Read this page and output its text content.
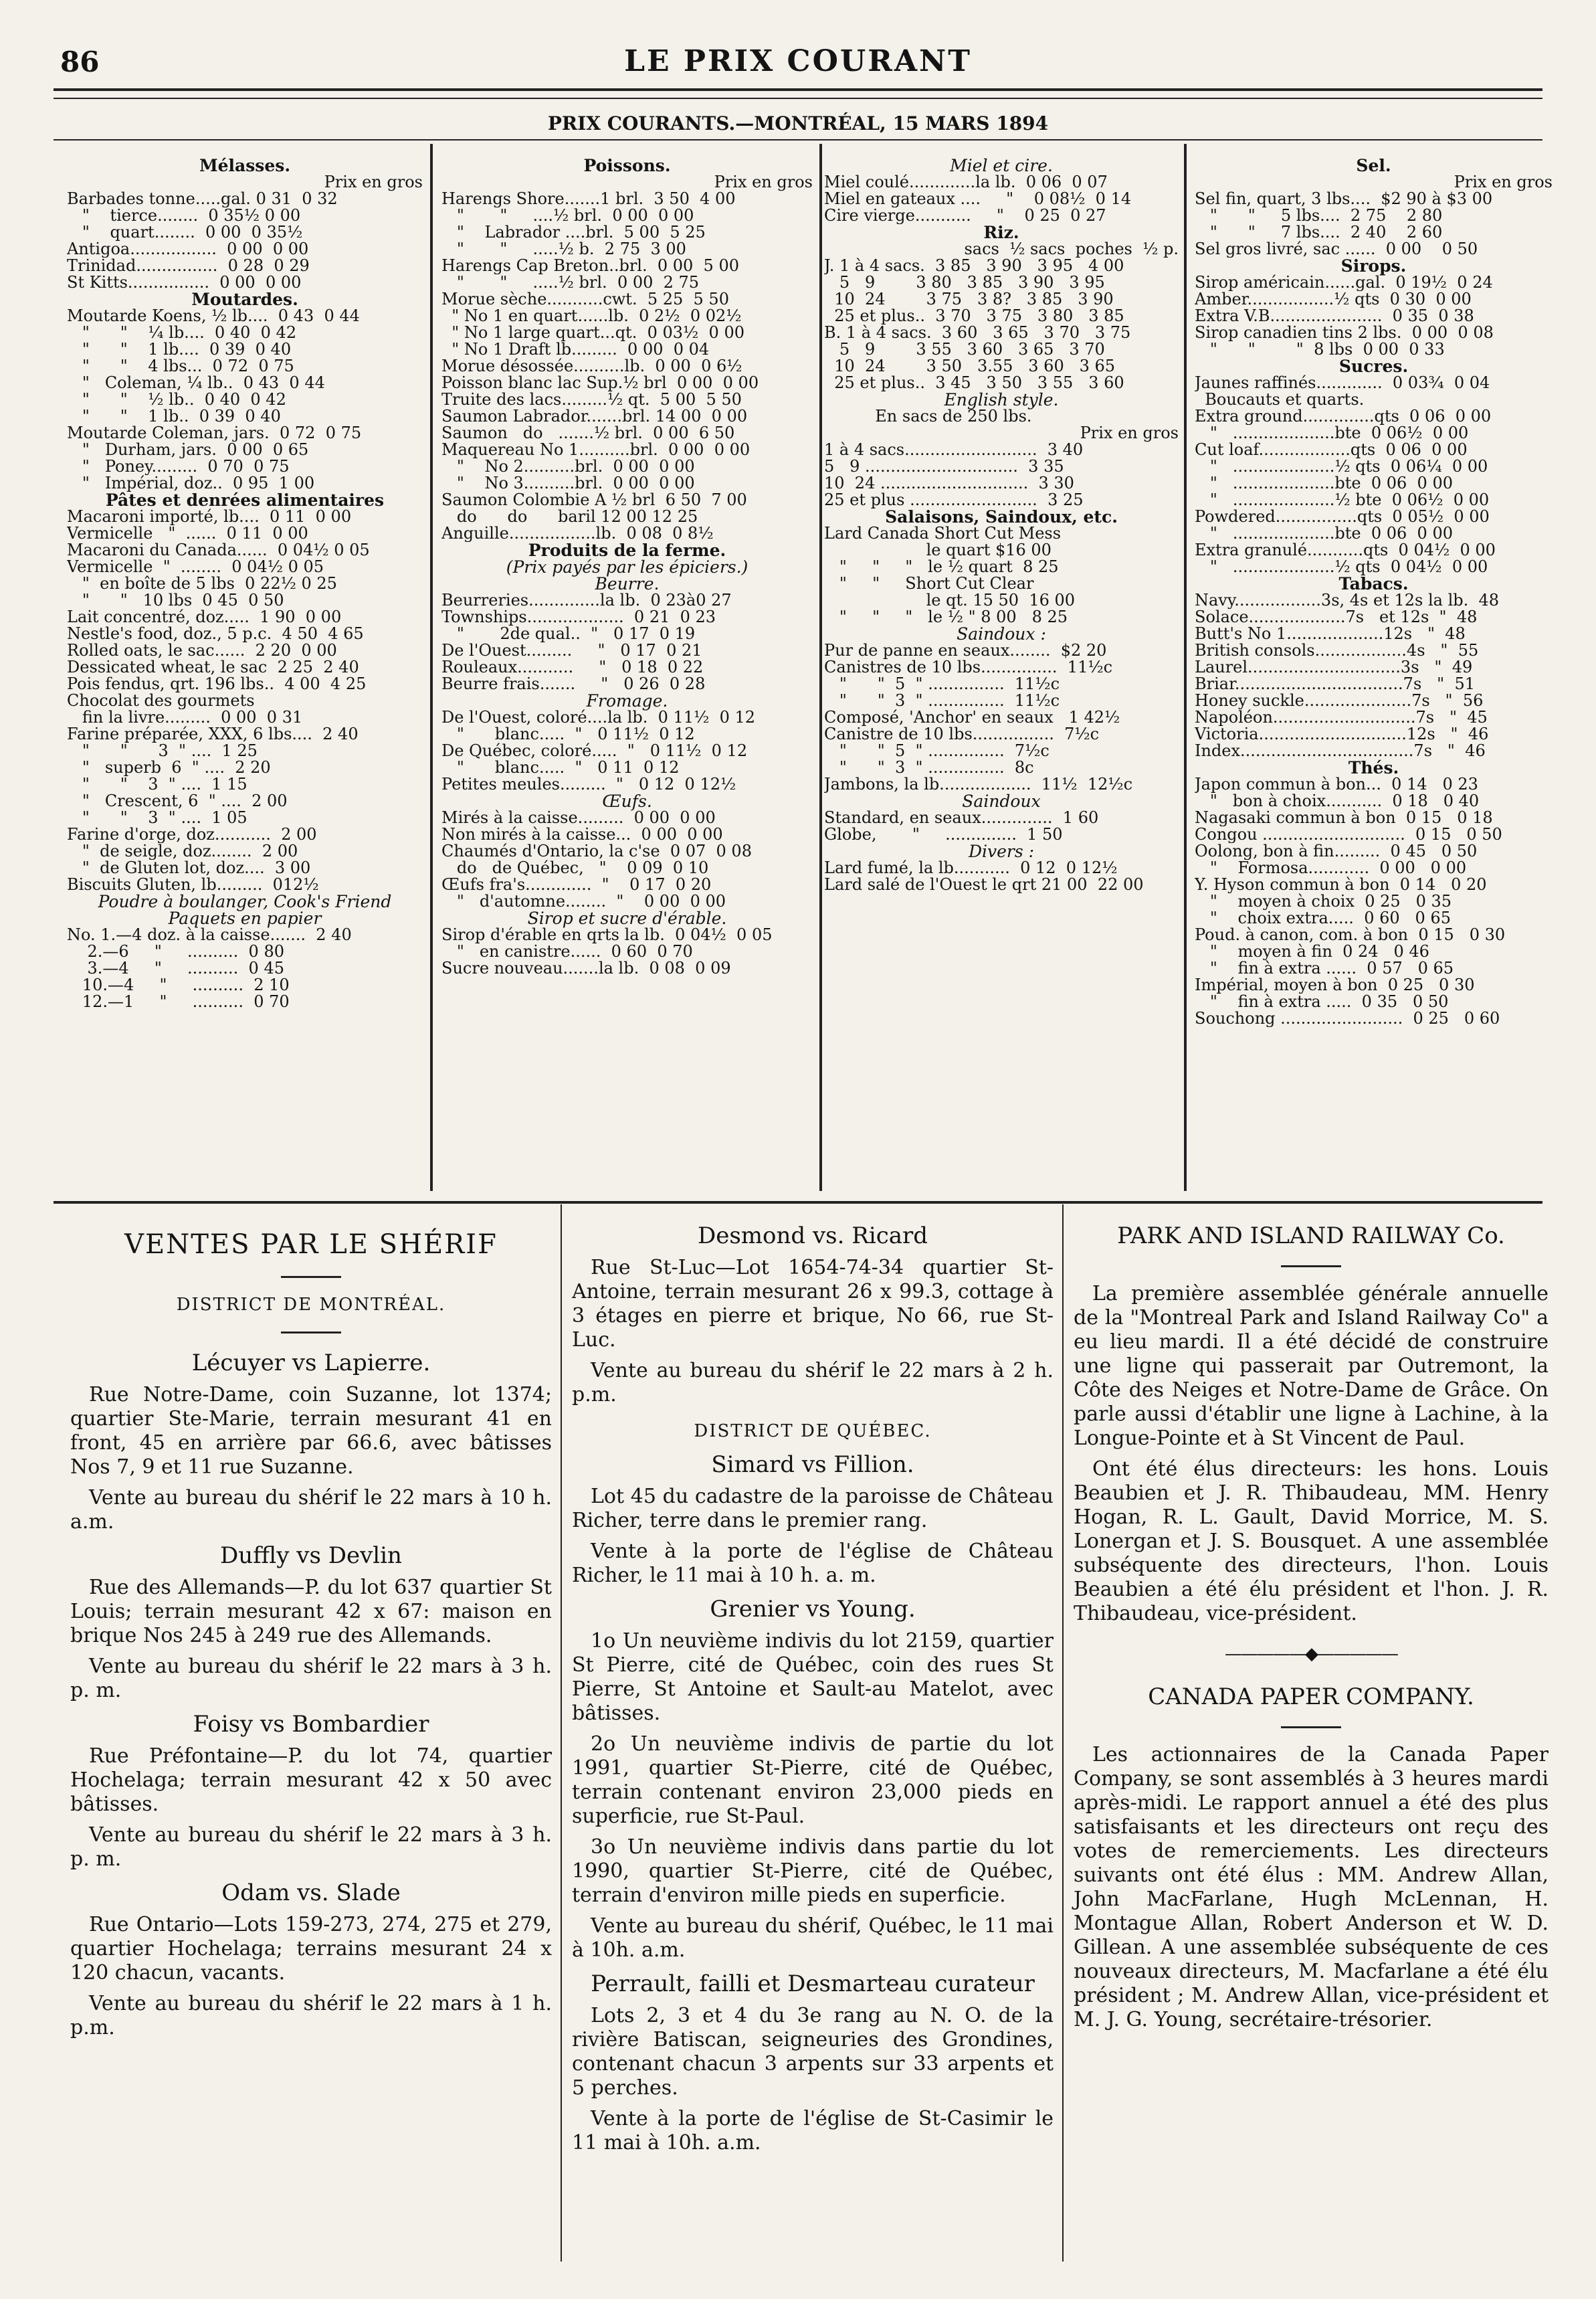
86	LE PRIX COURANT
PRIX COURANTS.—MONTRÉAL, 15 MARS 1894
Mélasses.
Prix en gros
Barbades tonne.....gal. 0 31  0 32
"    tierce........  0 35½ 0 00
"    quart........  0 00  0 35½
Antigoa.................  0 00  0 00
Trinidad................  0 28  0 29
St Kitts................  0 00  0 00
Moutardes.
Moutarde Koens, ½ lb....  0 43  0 44
"      "    ¼ lb....  0 40  0 42
"      "    1 lb....  0 39  0 40
"      "    4 lbs...  0 72  0 75
"   Coleman, ¼ lb..  0 43  0 44
"      "    ½ lb..  0 40  0 42
"      "    1 lb..  0 39  0 40
Moutarde Coleman, jars.  0 72  0 75
"   Durham, jars.  0 00  0 65
"   Poney.........  0 70  0 75
"   Impérial, doz..  0 95  1 00
Pâtes et denrées alimentaires
Macaroni importé, lb....  0 11  0 00
Vermicelle   "  ......  0 11  0 00
Macaroni du Canada......  0 04½ 0 05
Vermicelle  "  ........  0 04½ 0 05
"  en boîte de 5 lbs  0 22½ 0 25
"      "   10 lbs  0 45  0 50
Lait concentré, doz.....  1 90  0 00
Nestle's food, doz., 5 p.c.  4 50  4 65
Rolled oats, le sac......  2 20  0 00
Dessicated wheat, le sac  2 25  2 40
Pois fendus, qrt. 196 lbs..  4 00  4 25
Chocolat des gourmets
fin la livre.........  0 00  0 31
Farine préparée, XXX, 6 lbs....  2 40
"      "      3  " ....  1 25
"   superb  6  " ....  2 20
"      "    3  " ....  1 15
"   Crescent, 6  " ....  2 00
"      "    3  " ....  1 05
Farine d'orge, doz...........  2 00
"  de seigle, doz........  2 00
"  de Gluten lot, doz....  3 00
Biscuits Gluten, lb.........  012½
Poudre à boulanger, Cook's Friend
Paquets en papier
No. 1.—4 doz. à la caisse.......  2 40
2.—6     "     ..........  0 80
3.—4     "     ..........  0 45
10.—4     "     ..........  2 10
12.—1     "     ..........  0 70
Poissons.
Prix en gros
Harengs Shore.......1 brl.  3 50  4 00
"       "     ....½ brl.  0 00  0 00
"    Labrador ....brl.  5 00  5 25
"       "     .....½ b.  2 75  3 00
Harengs Cap Breton..brl.  0 00  5 00
"       "     .....½ brl.  0 00  2 75
Morue sèche...........cwt.  5 25  5 50
" No 1 en quart......lb.  0 2½  0 02½
" No 1 large quart...qt.  0 03½  0 00
" No 1 Draft lb.........  0 00  0 04
Morue désossée..........lb.  0 00  0 6½
Poisson blanc lac Sup.½ brl  0 00  0 00
Truite des lacs.........½ qt.  5 00  5 50
Saumon Labrador.......brl. 14 00  0 00
Saumon   do   .......½ brl.  0 00  6 50
Maquereau No 1..........brl.  0 00  0 00
"    No 2..........brl.  0 00  0 00
"    No 3..........brl.  0 00  0 00
Saumon Colombie A ½ brl  6 50  7 00
do      do      baril 12 00 12 25
Anguille.................lb.  0 08  0 8½
Produits de la ferme.
(Prix payés par les épiciers.)
Beurre.
Beurreries..............la lb.  0 23à0 27
Townships...................  0 21  0 23
"       2de qual..  "   0 17  0 19
De l'Ouest.........     "   0 17  0 21
Rouleaux...........     "   0 18  0 22
Beurre frais.......     "   0 26  0 28
Fromage.
De l'Ouest, coloré....la lb.  0 11½  0 12
"      blanc.....  "   0 11½  0 12
De Québec, coloré.....  "   0 11½  0 12
"      blanc.....  "   0 11  0 12
Petites meules.........  "   0 12  0 12½
Œufs.
Mirés à la caisse.........  0 00  0 00
Non mirés à la caisse...  0 00  0 00
Chaumés d'Ontario, la c'se  0 07  0 08
do   de Québec,   "    0 09  0 10
Œufs fra's.............  "    0 17  0 20
"   d'automne........  "    0 00  0 00
Sirop et sucre d'érable.
Sirop d'érable en qrts la lb.  0 04½  0 05
"   en canistre......  0 60  0 70
Sucre nouveau.......la lb.  0 08  0 09
Miel et cire.
Miel coulé.............la lb.  0 06  0 07
Miel en gateaux ....     "    0 08½  0 14
Cire vierge...........     "    0 25  0 27
Riz.
sacs  ½ sacs  poches  ½ p.
J. 1 à 4 sacs.  3 85   3 90   3 95   4 00
5   9        3 80   3 85   3 90   3 95
10  24        3 75   3 8?   3 85   3 90
25 et plus..  3 70   3 75   3 80   3 85
B. 1 à 4 sacs.  3 60   3 65   3 70   3 75
5   9        3 55   3 60   3 65   3 70
10  24        3 50   3.55   3 60   3 65
25 et plus..  3 45   3 50   3 55   3 60
English style.
En sacs de 250 lbs.
Prix en gros
1 à 4 sacs..........................  3 40
5   9 ..............................  3 35
10  24 .............................  3 30
25 et plus .........................  3 25
Salaisons, Saindoux, etc.
Lard Canada Short Cut Mess
le quart $16 00
"     "     "   le ½ quart  8 25
"     "     Short Cut Clear
le qt. 15 50  16 00
"     "     "   le ½ " 8 00   8 25
Saindoux :
Pur de panne en seaux........  $2 20
Canistres de 10 lbs...............  11½c
"      "  5  " ...............  11½c
"      "  3  " ...............  11½c
Composé, 'Anchor' en seaux   1 42½
Canistre de 10 lbs................  7½c
"      "  5  " ...............  7½c
"      "  3  " ...............  8c
Jambons, la lb..................  11½  12½c
Saindoux
Standard, en seaux..............  1 60
Globe,       "     ..............  1 50
Divers :
Lard fumé, la lb...........  0 12  0 12½
Lard salé de l'Ouest le qrt 21 00  22 00
Sel.
Prix en gros
Sel fin, quart, 3 lbs....  $2 90 à $3 00
"      "     5 lbs....  2 75    2 80
"      "     7 lbs....  2 40    2 60
Sel gros livré, sac ......  0 00    0 50
Sirops.
Sirop américain......gal.  0 19½  0 24
Amber.................½ qts  0 30  0 00
Extra V.B......................  0 35  0 38
Sirop canadien tins 2 lbs.  0 00  0 08
"      "        "  8 lbs  0 00  0 33
Sucres.
Jaunes raffinés.............  0 03¾  0 04
Boucauts et quarts.
Extra ground..............qts  0 06  0 00
"   ....................bte  0 06½  0 00
Cut loaf..................qts  0 06  0 00
"   ....................½ qts  0 06¼  0 00
"   ....................bte  0 06  0 00
"   ....................½ bte  0 06½  0 00
Powdered................qts  0 05½  0 00
"   ....................bte  0 06  0 00
Extra granulé...........qts  0 04½  0 00
"   ....................½ qts  0 04½  0 00
Tabacs.
Navy.................3s, 4s et 12s la lb.  48
Solace...................7s   et 12s  "  48
Butt's No 1...................12s   "  48
British consols..................4s   "  55
Laurel..............................3s   "  49
Briar.................................7s   "  51
Honey suckle.....................7s   "  56
Napoléon............................7s   "  45
Victoria.............................12s   "  46
Index..................................7s   "  46
Thés.
Japon commun à bon...  0 14   0 23
"   bon à choix...........  0 18   0 40
Nagasaki commun à bon  0 15   0 18
Congou ............................  0 15   0 50
Oolong, bon à fin.........  0 45   0 50
"    Formosa............  0 00   0 00
Y. Hyson commun à bon  0 14   0 20
"    moyen à choix  0 25   0 35
"    choix extra.....  0 60   0 65
Poud. à canon, com. à bon  0 15   0 30
"    moyen à fin  0 24   0 46
"    fin à extra ......  0 57   0 65
Impérial, moyen à bon  0 25   0 30
"    fin à extra .....  0 35   0 50
Souchong ........................  0 25   0 60
VENTES PAR LE SHÉRIF
DISTRICT DE MONTRÉAL.
Lécuyer vs Lapierre.

Rue Notre-Dame, coin Suzanne, lot 1374; quartier Ste-Marie, terrain mesurant 41 en front, 45 en arrière par 66.6, avec bâtisses Nos 7, 9 et 11 rue Suzanne.

Vente au bureau du shérif le 22 mars à 10 h. a.m.

Duffly vs Devlin

Rue des Allemands—P. du lot 637 quartier St Louis; terrain mesurant 42 x 67: maison en brique Nos 245 à 249 rue des Allemands.

Vente au bureau du shérif le 22 mars à 3 h. p. m.

Foisy vs Bombardier

Rue Préfontaine—P. du lot 74, quartier Hochelaga; terrain mesurant 42 x 50 avec bâtisses.

Vente au bureau du shérif le 22 mars à 3 h. p. m.

Odam vs. Slade

Rue Ontario—Lots 159-273, 274, 275 et 279, quartier Hochelaga; terrains mesurant 24 x 120 chacun, vacants.

Vente au bureau du shérif le 22 mars à 1 h. p.m.

Desmond vs. Ricard

Rue St-Luc—Lot 1654-74-34 quartier St-Antoine, terrain mesurant 26 x 99.3, cottage à 3 étages en pierre et brique, No 66, rue St-Luc.

Vente au bureau du shérif le 22 mars à 2 h. p.m.

DISTRICT DE QUÉBEC.
Simard vs Fillion.

Lot 45 du cadastre de la paroisse de Château Richer, terre dans le premier rang.

Vente à la porte de l'église de Château Richer, le 11 mai à 10 h. a. m.

Grenier vs Young.

1o Un neuvième indivis du lot 2159, quartier St Pierre, cité de Québec, coin des rues St Pierre, St Antoine et Sault-au Matelot, avec bâtisses.

2o Un neuvième indivis de partie du lot 1991, quartier St-Pierre, cité de Québec, terrain contenant environ 23,000 pieds en superficie, rue St-Paul.

3o Un neuvième indivis dans partie du lot 1990, quartier St-Pierre, cité de Québec, terrain d'environ mille pieds en superficie.

Vente au bureau du shérif, Québec, le 11 mai à 10h. a.m.

Perrault, failli et Desmarteau curateur

Lots 2, 3 et 4 du 3e rang au N. O. de la rivière Batiscan, seigneuries des Grondines, contenant chacun 3 arpents sur 33 arpents et 5 perches.

Vente à la porte de l'église de St-Casimir le 11 mai à 10h. a.m.

PARK AND ISLAND RAILWAY Co.

La première assemblée générale annuelle de la "Montreal Park and Island Railway Co" a eu lieu mardi. Il a été décidé de construire une ligne qui passerait par Outremont, la Côte des Neiges et Notre-Dame de Grâce. On parle aussi d'établir une ligne à Lachine, à la Longue-Pointe et à St Vincent de Paul.

Ont été élus directeurs: les hons. Louis Beaubien et J. R. Thibaudeau, MM. Henry Hogan, R. L. Gault, David Morrice, M. S. Lonergan et J. S. Bousquet. A une assemblée subséquente des directeurs, l'hon. Louis Beaubien a été élu président et l'hon. J. R. Thibaudeau, vice-président.

—————◆—————
CANADA PAPER COMPANY.

Les actionnaires de la Canada Paper Company, se sont assemblés à 3 heures mardi après-midi. Le rapport annuel a été des plus satisfaisants et les directeurs ont reçu des votes de remerciements. Les directeurs suivants ont été élus : MM. Andrew Allan, John MacFarlane, Hugh McLennan, H. Montague Allan, Robert Anderson et W. D. Gillean. A une assemblée subséquente de ces nouveaux directeurs, M. Macfarlane a été élu président ; M. Andrew Allan, vice-président et M. J. G. Young, secrétaire-trésorier.
